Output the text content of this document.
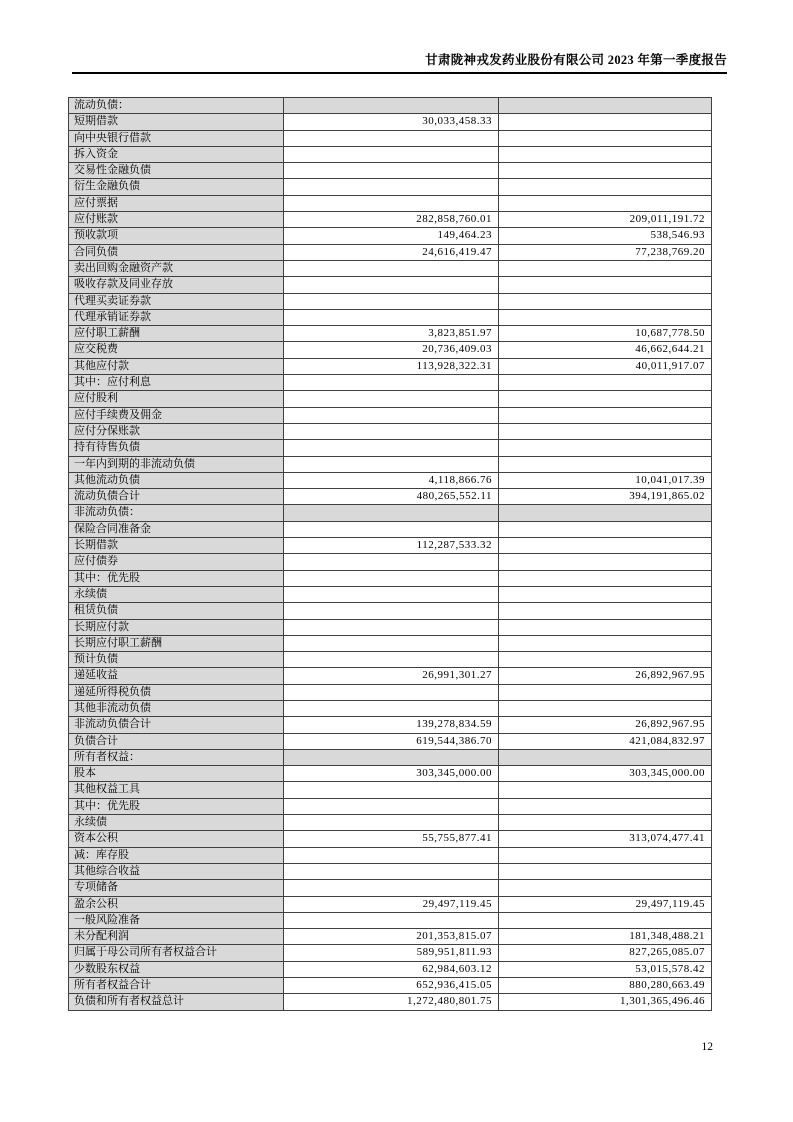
甘肃陇神戎发药业股份有限公司 2023 年第一季度报告
流动负债：		
短期借款	30,033,458.33	
向中央银行借款		
拆入资金		
交易性金融负债		
衍生金融负债		
应付票据		
应付账款	282,858,760.01	209,011,191.72
预收款项	149,464.23	538,546.93
合同负债	24,616,419.47	77,238,769.20
卖出回购金融资产款		
吸收存款及同业存放		
代理买卖证券款		
代理承销证券款		
应付职工薪酬	3,823,851.97	10,687,778.50
应交税费	20,736,409.03	46,662,644.21
其他应付款	113,928,322.31	40,011,917.07
其中：应付利息		
应付股利		
应付手续费及佣金		
应付分保账款		
持有待售负债		
一年内到期的非流动负债		
其他流动负债	4,118,866.76	10,041,017.39
流动负债合计	480,265,552.11	394,191,865.02
非流动负债：		
保险合同准备金		
长期借款	112,287,533.32	
应付债券		
其中：优先股		
永续债		
租赁负债		
长期应付款		
长期应付职工薪酬		
预计负债		
递延收益	26,991,301.27	26,892,967.95
递延所得税负债		
其他非流动负债		
非流动负债合计	139,278,834.59	26,892,967.95
负债合计	619,544,386.70	421,084,832.97
所有者权益：		
股本	303,345,000.00	303,345,000.00
其他权益工具		
其中：优先股		
永续债		
资本公积	55,755,877.41	313,074,477.41
减：库存股		
其他综合收益		
专项储备		
盈余公积	29,497,119.45	29,497,119.45
一般风险准备		
未分配利润	201,353,815.07	181,348,488.21
归属于母公司所有者权益合计	589,951,811.93	827,265,085.07
少数股东权益	62,984,603.12	53,015,578.42
所有者权益合计	652,936,415.05	880,280,663.49
负债和所有者权益总计	1,272,480,801.75	1,301,365,496.46
12
